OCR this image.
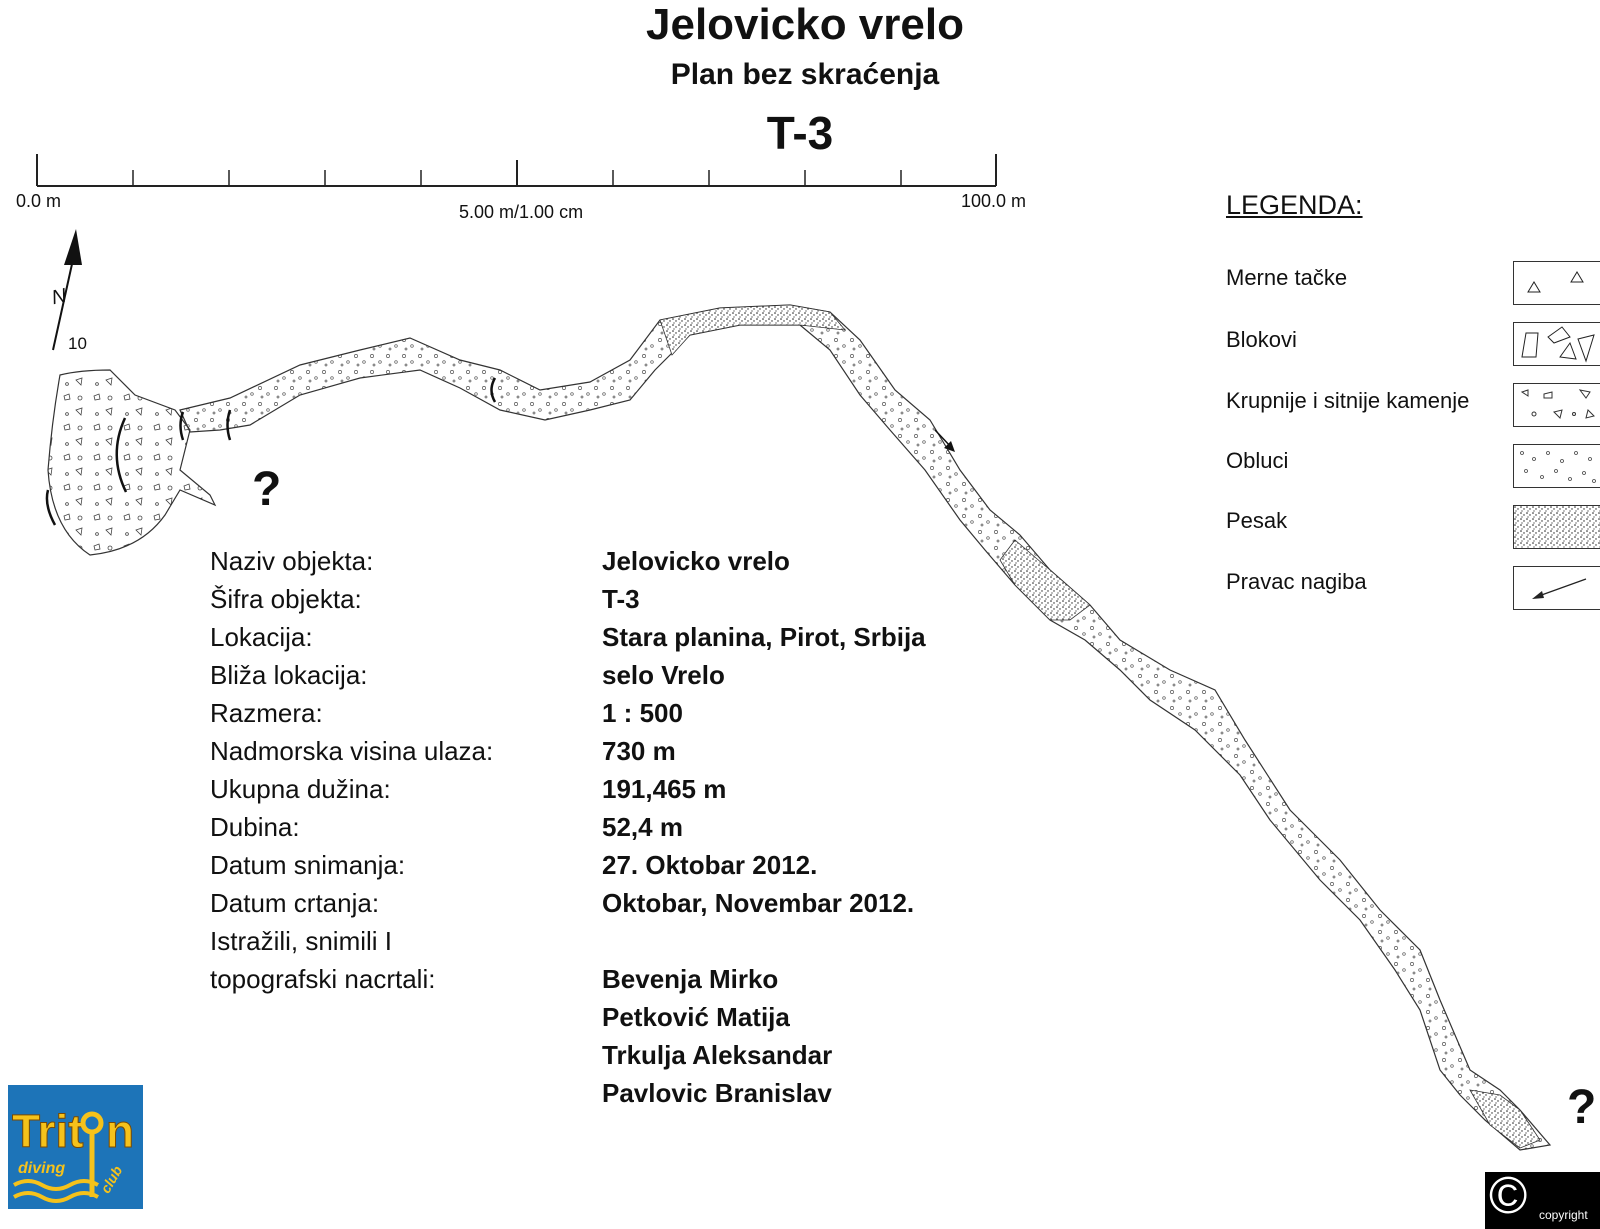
Jelovicko vrelo
Plan bez skraćenja
T-3
0.0 m
5.00 m/1.00 cm
100.0 m
N
10
?
?
LEGENDA:
Merne tačke
Blokovi
Krupnije i sitnije kamenje
Obluci
Pesak
Pravac nagiba
Naziv objekta:	Jelovicko vrelo
Šifra objekta:	T-3
Lokacija:	Stara planina, Pirot, Srbija
Bliža lokacija:	selo Vrelo
Razmera:	1 : 500
Nadmorska visina ulaza:	730 m
Ukupna dužina:	191,465 m
Dubina:	52,4 m
Datum snimanja:	27. Oktobar 2012.
Datum crtanja:	Oktobar, Novembar 2012.
Istražili, snimili I
topografski nacrtali:	Bevenja Mirko
Petković Matija
Trkulja Aleksandar
Pavlovic Branislav
Trit n
diving club	© copyright
